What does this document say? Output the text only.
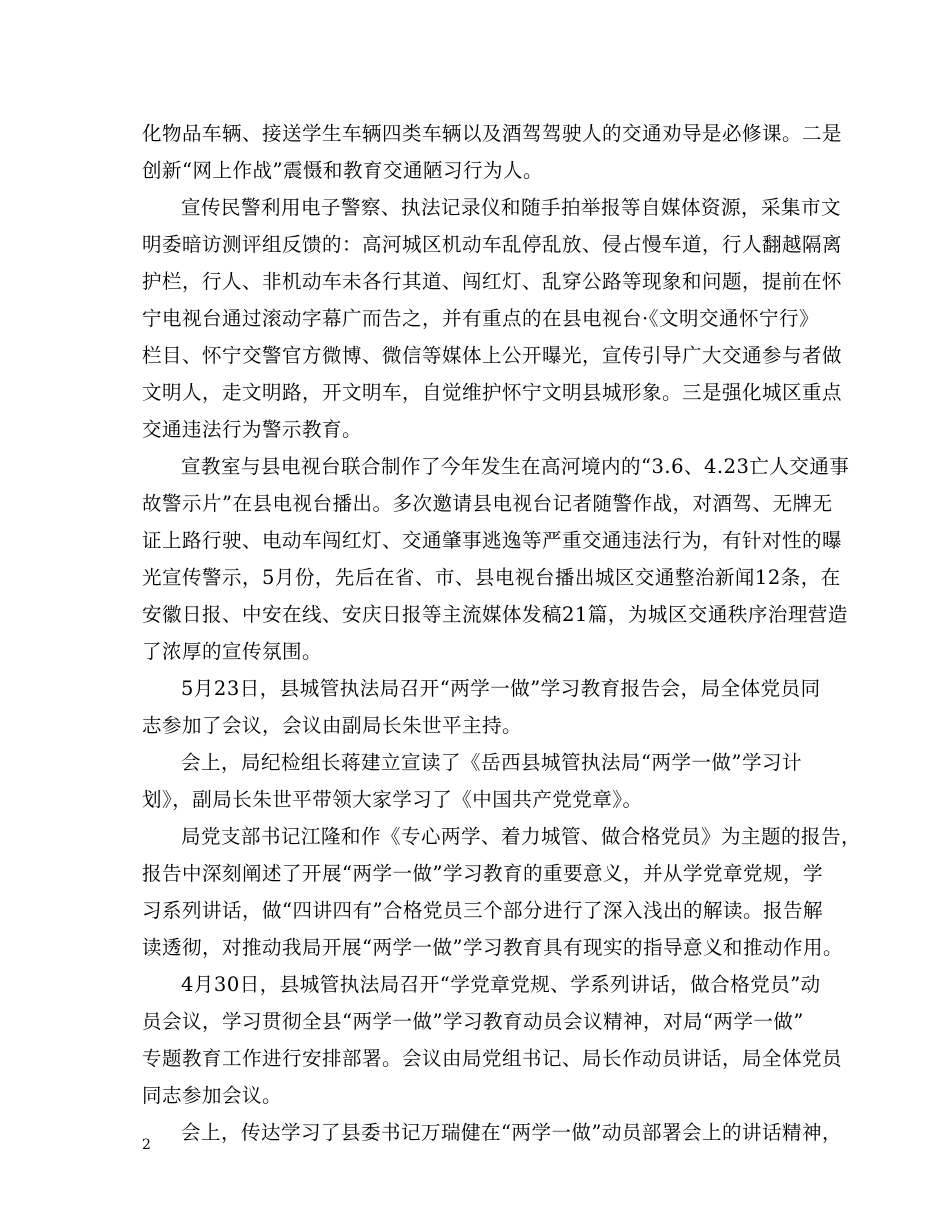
化物品车辆、接送学生车辆四类车辆以及酒驾驾驶人的交通劝导是必修课。二是
创新“网上作战”震慑和教育交通陋习行为人。
宣传民警利用电子警察、执法记录仪和随手拍举报等自媒体资源，采集市文
明委暗访测评组反馈的：高河城区机动车乱停乱放、侵占慢车道，行人翻越隔离
护栏，行人、非机动车未各行其道、闯红灯、乱穿公路等现象和问题，提前在怀
宁电视台通过滚动字幕广而告之，并有重点的在县电视台·《文明交通怀宁行》
栏目、怀宁交警官方微博、微信等媒体上公开曝光，宣传引导广大交通参与者做
文明人，走文明路，开文明车，自觉维护怀宁文明县城形象。三是强化城区重点
交通违法行为警示教育。
宣教室与县电视台联合制作了今年发生在高河境内的“3.6、4.23亡人交通事
故警示片”在县电视台播出。多次邀请县电视台记者随警作战，对酒驾、无牌无
证上路行驶、电动车闯红灯、交通肇事逃逸等严重交通违法行为，有针对性的曝
光宣传警示，5月份，先后在省、市、县电视台播出城区交通整治新闻12条，在
安徽日报、中安在线、安庆日报等主流媒体发稿21篇，为城区交通秩序治理营造
了浓厚的宣传氛围。
5月23日，县城管执法局召开“两学一做”学习教育报告会，局全体党员同
志参加了会议，会议由副局长朱世平主持。
会上，局纪检组长蒋建立宣读了《岳西县城管执法局“两学一做”学习计
划》，副局长朱世平带领大家学习了《中国共产党党章》。
局党支部书记江隆和作《专心两学、着力城管、做合格党员》为主题的报告，
报告中深刻阐述了开展“两学一做”学习教育的重要意义，并从学党章党规，学
习系列讲话，做“四讲四有”合格党员三个部分进行了深入浅出的解读。报告解
读透彻，对推动我局开展“两学一做”学习教育具有现实的指导意义和推动作用。
4月30日，县城管执法局召开“学党章党规、学系列讲话，做合格党员”动
员会议，学习贯彻全县“两学一做”学习教育动员会议精神，对局“两学一做”
专题教育工作进行安排部署。会议由局党组书记、局长作动员讲话，局全体党员
同志参加会议。
会上，传达学习了县委书记万瑞健在“两学一做”动员部署会上的讲话精神，
2
